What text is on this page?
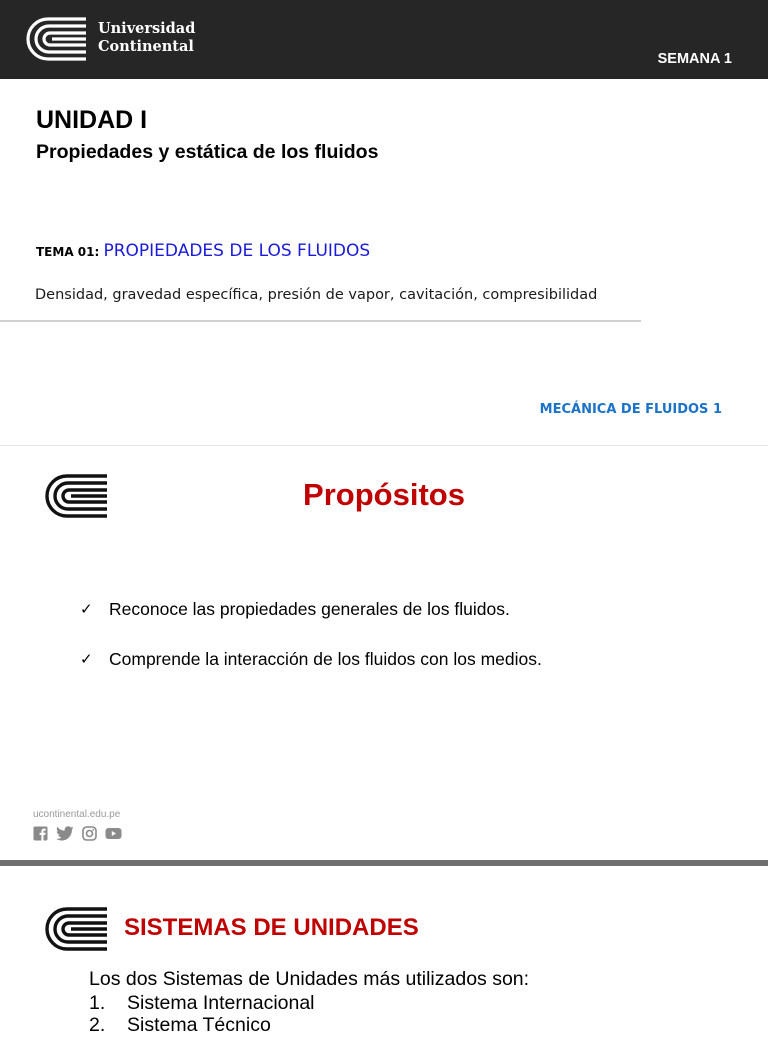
Universidad
Continental
SEMANA 1
UNIDAD I
Propiedades y estática de los fluidos
TEMA 01: PROPIEDADES DE LOS FLUIDOS
Densidad, gravedad específica, presión de vapor, cavitación, compresibilidad
MECÁNICA DE FLUIDOS 1
Propósitos
✓ Reconoce las propiedades generales de los fluidos.
✓ Comprende la interacción de los fluidos con los medios.
ucontinental.edu.pe
SISTEMAS DE UNIDADES
Los dos Sistemas de Unidades más utilizados son:
1.	Sistema Internacional
2.	Sistema Técnico
